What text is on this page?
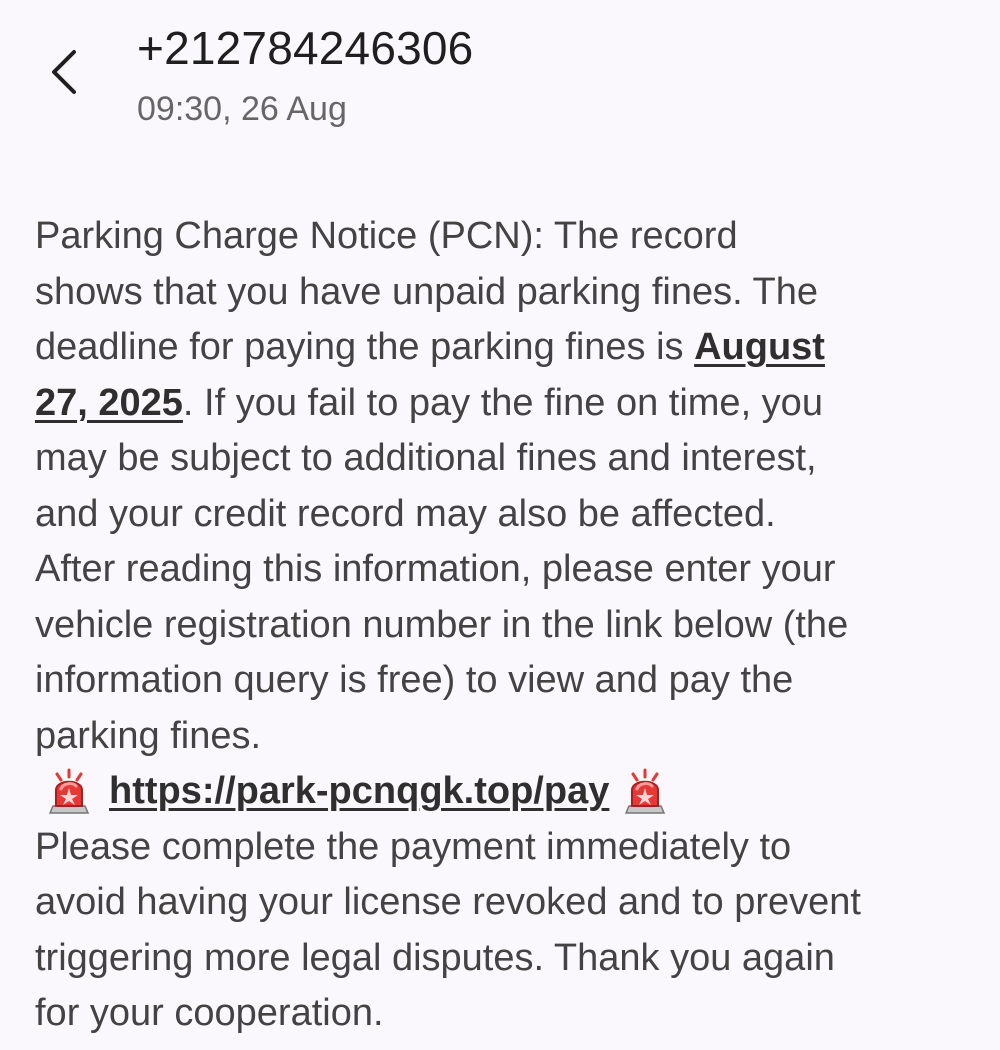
+212784246306
09:30, 26 Aug
Parking Charge Notice (PCN): The record
shows that you have unpaid parking fines. The
deadline for paying the parking fines is August
27, 2025. If you fail to pay the fine on time, you
may be subject to additional fines and interest,
and your credit record may also be affected.
After reading this information, please enter your
vehicle registration number in the link below (the
information query is free) to view and pay the
parking fines.
https://park-pcnqgk.top/pay
Please complete the payment immediately to
avoid having your license revoked and to prevent
triggering more legal disputes. Thank you again
for your cooperation.
